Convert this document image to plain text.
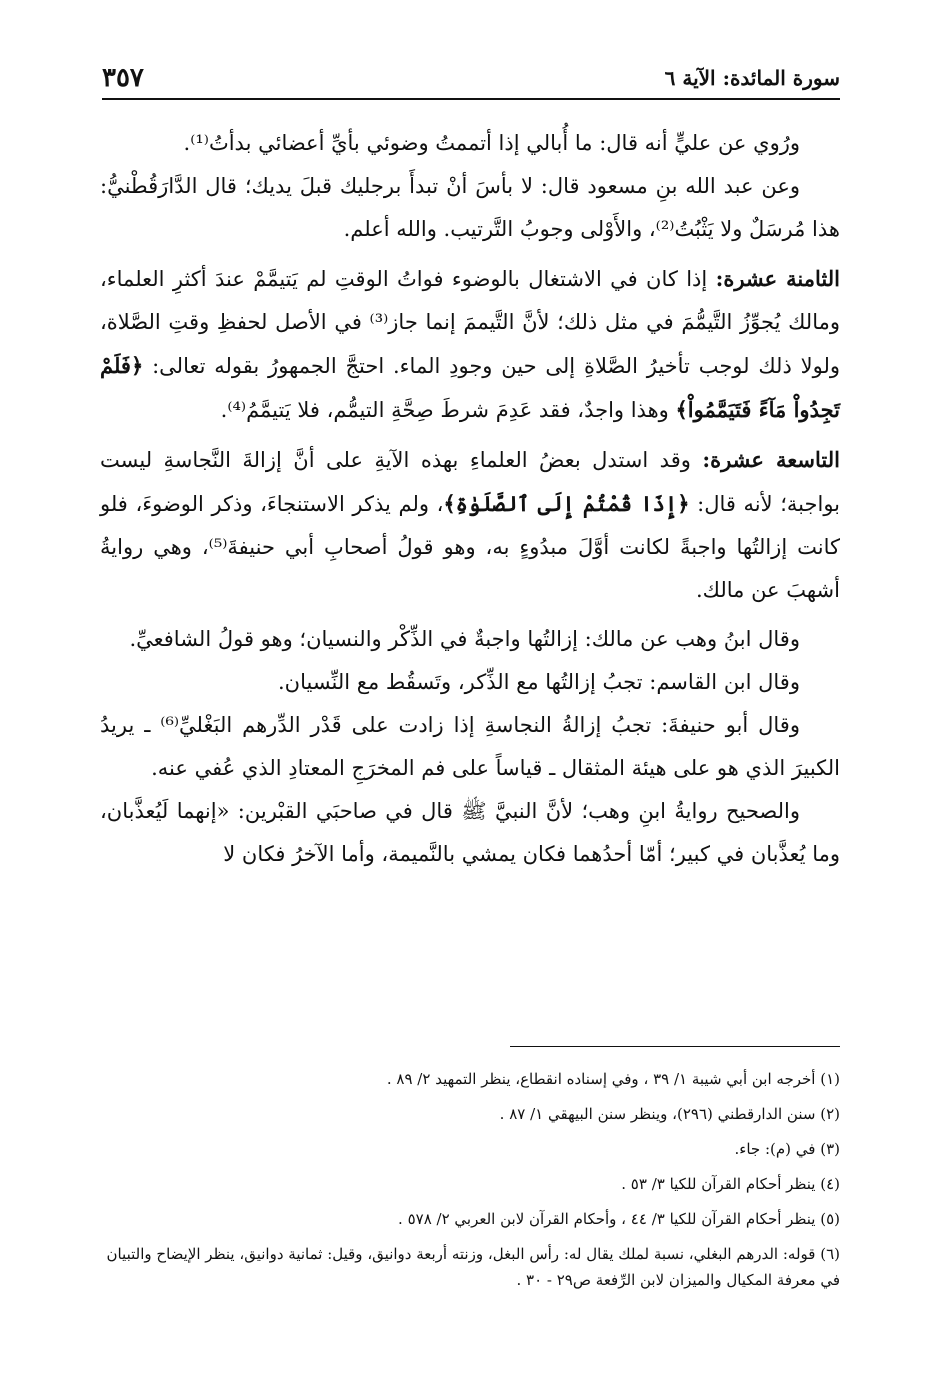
سورة المائدة: الآية ٦
٣٥٧

ورُوي عن عليٍّ أنه قال: ما أُبالي إذا أتممتُ وضوئي بأيِّ أعضائي بدأتُ⁽¹⁾.

وعن عبد الله بنِ مسعود قال: لا بأسَ أنْ تبدأَ برجليك قبلَ يديك؛ قال الدَّارَقُطْنيُّ: هذا مُرسَلٌ ولا يَثْبُتُ⁽²⁾، والأَوْلى وجوبُ التَّرتيب. والله أعلم.

الثامنة عشرة: إذا كان في الاشتغال بالوضوء فواتُ الوقتِ لم يَتيمَّمْ عندَ أكثرِ العلماء، ومالك يُجوِّزُ التَّيمُّمَ في مثل ذلك؛ لأنَّ التَّيممَ إنما جاز⁽³⁾ في الأصل لحفظِ وقتِ الصَّلاة، ولولا ذلك لوجب تأخيرُ الصَّلاةِ إلى حين وجودِ الماء. احتجَّ الجمهورُ بقوله تعالى: ﴿فَلَمْ تَجِدُواْ مَآءً فَتَيَمَّمُواْ﴾ وهذا واجدٌ، فقد عَدِمَ شرطَ صِحَّةِ التيمُّم، فلا يَتيمَّمُ⁽⁴⁾.

التاسعة عشرة: وقد استدل بعضُ العلماءِ بهذه الآيةِ على أنَّ إزالةَ النَّجاسةِ ليست بواجبة؛ لأنه قال: ﴿إِذَا قُمْتُمْ إِلَى ٱلصَّلَوٰةِ﴾، ولم يذكر الاستنجاءَ، وذكر الوضوءَ، فلو كانت إزالتُها واجبةً لكانت أوَّلَ مبدُوءٍ به، وهو قولُ أصحابِ أبي حنيفةَ⁽⁵⁾، وهي روايةُ أشهبَ عن مالك.

وقال ابنُ وهب عن مالك: إزالتُها واجبةٌ في الذِّكْر والنسيان؛ وهو قولُ الشافعيِّ.

وقال ابن القاسم: تجبُ إزالتُها مع الذِّكر، وتَسقُط مع النِّسيان.

وقال أبو حنيفةَ: تجبُ إزالةُ النجاسةِ إذا زادت على قَدْر الدِّرهم البَغْليِّ⁽⁶⁾ ـ يريدُ الكبيرَ الذي هو على هيئة المثقال ـ قياساً على فم المخرَجِ المعتادِ الذي عُفي عنه.

والصحيح روايةُ ابنِ وهب؛ لأنَّ النبيَّ ﷺ قال في صاحبَي القبْرين: «إنهما لَيُعذَّبان، وما يُعذَّبان في كبير؛ أمّا أحدُهما فكان يمشي بالنَّميمة، وأما الآخرُ فكان لا

(١) أخرجه ابن أبي شيبة ١/ ٣٩ ، وفي إسناده انقطاع، ينظر التمهيد ٢/ ٨٩ .

(٢) سنن الدارقطني (٢٩٦)، وينظر سنن البيهقي ١/ ٨٧ .

(٣) في (م): جاء.

(٤) ينظر أحكام القرآن للكيا ٣/ ٥٣ .

(٥) ينظر أحكام القرآن للكيا ٣/ ٤٤ ، وأحكام القرآن لابن العربي ٢/ ٥٧٨ .

(٦) قوله: الدرهم البغلي، نسبة لملك يقال له: رأس البغل، وزنته أربعة دوانيق، وقيل: ثمانية دوانيق، ينظر الإيضاح والتبيان في معرفة المكيال والميزان لابن الرِّفعة ص٢٩ - ٣٠ .
